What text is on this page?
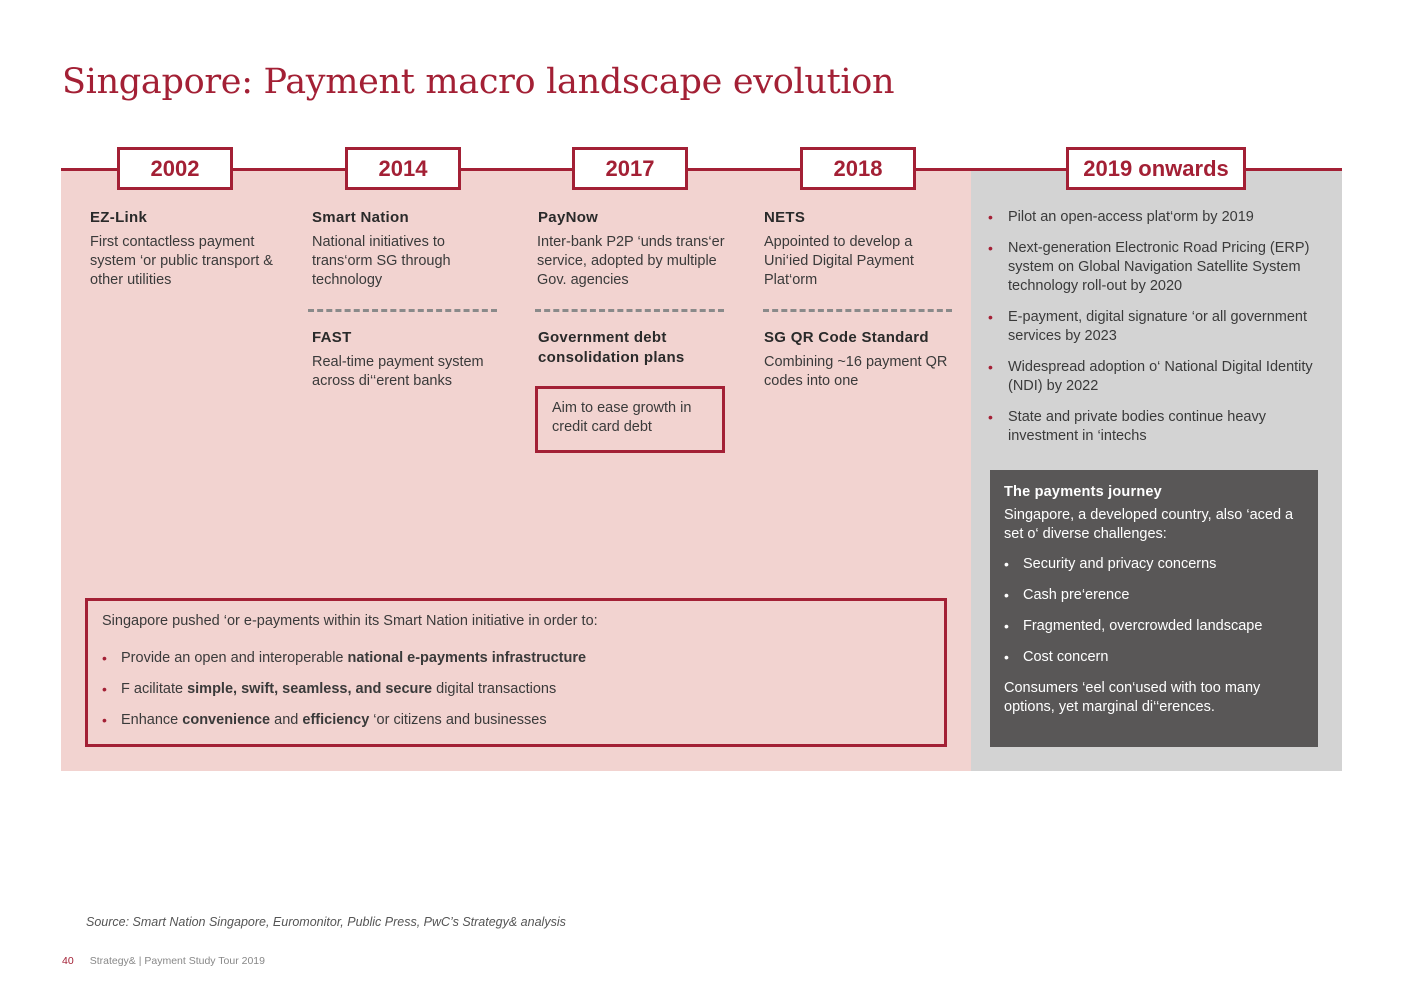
Singapore: Payment macro landscape evolution
2002	2014	2017	2018	2019 onwards
EZ-Link
First contactless payment system ‘or public transport & other utilities
Smart Nation
National initiatives to trans‘orm SG through technology
FAST
Real-time payment system across di‘‘erent banks
PayNow
Inter-bank P2P ‘unds trans‘er service, adopted by multiple Gov. agencies
Government debt consolidation plans
Aim to ease growth in credit card debt
NETS
Appointed to develop a Uni‘ied Digital Payment Plat‘orm
SG QR Code Standard
Combining ~16 payment QR codes into one
• Pilot an open-access plat‘orm by 2019
• Next-generation Electronic Road Pricing (ERP) system on Global Navigation Satellite System technology roll-out by 2020
• E-payment, digital signature ‘or all government services by 2023
• Widespread adoption o‘ National Digital Identity (NDI) by 2022
• State and private bodies continue heavy investment in ‘intechs
The payments journey
Singapore, a developed country, also ‘aced a set o‘ diverse challenges:
• Security and privacy concerns
• Cash pre‘erence
• Fragmented, overcrowded landscape
• Cost concern
Consumers ‘eel con‘used with too many options, yet marginal di‘‘erences.
Singapore pushed ‘or e-payments within its Smart Nation initiative in order to:
• Provide an open and interoperable national e-payments infrastructure
• F acilitate simple, swift, seamless, and secure digital transactions
• Enhance convenience and efficiency ‘or citizens and businesses
Source: Smart Nation Singapore, Euromonitor, Public Press, PwC’s Strategy& analysis
40 Strategy& | Payment Study Tour 2019
